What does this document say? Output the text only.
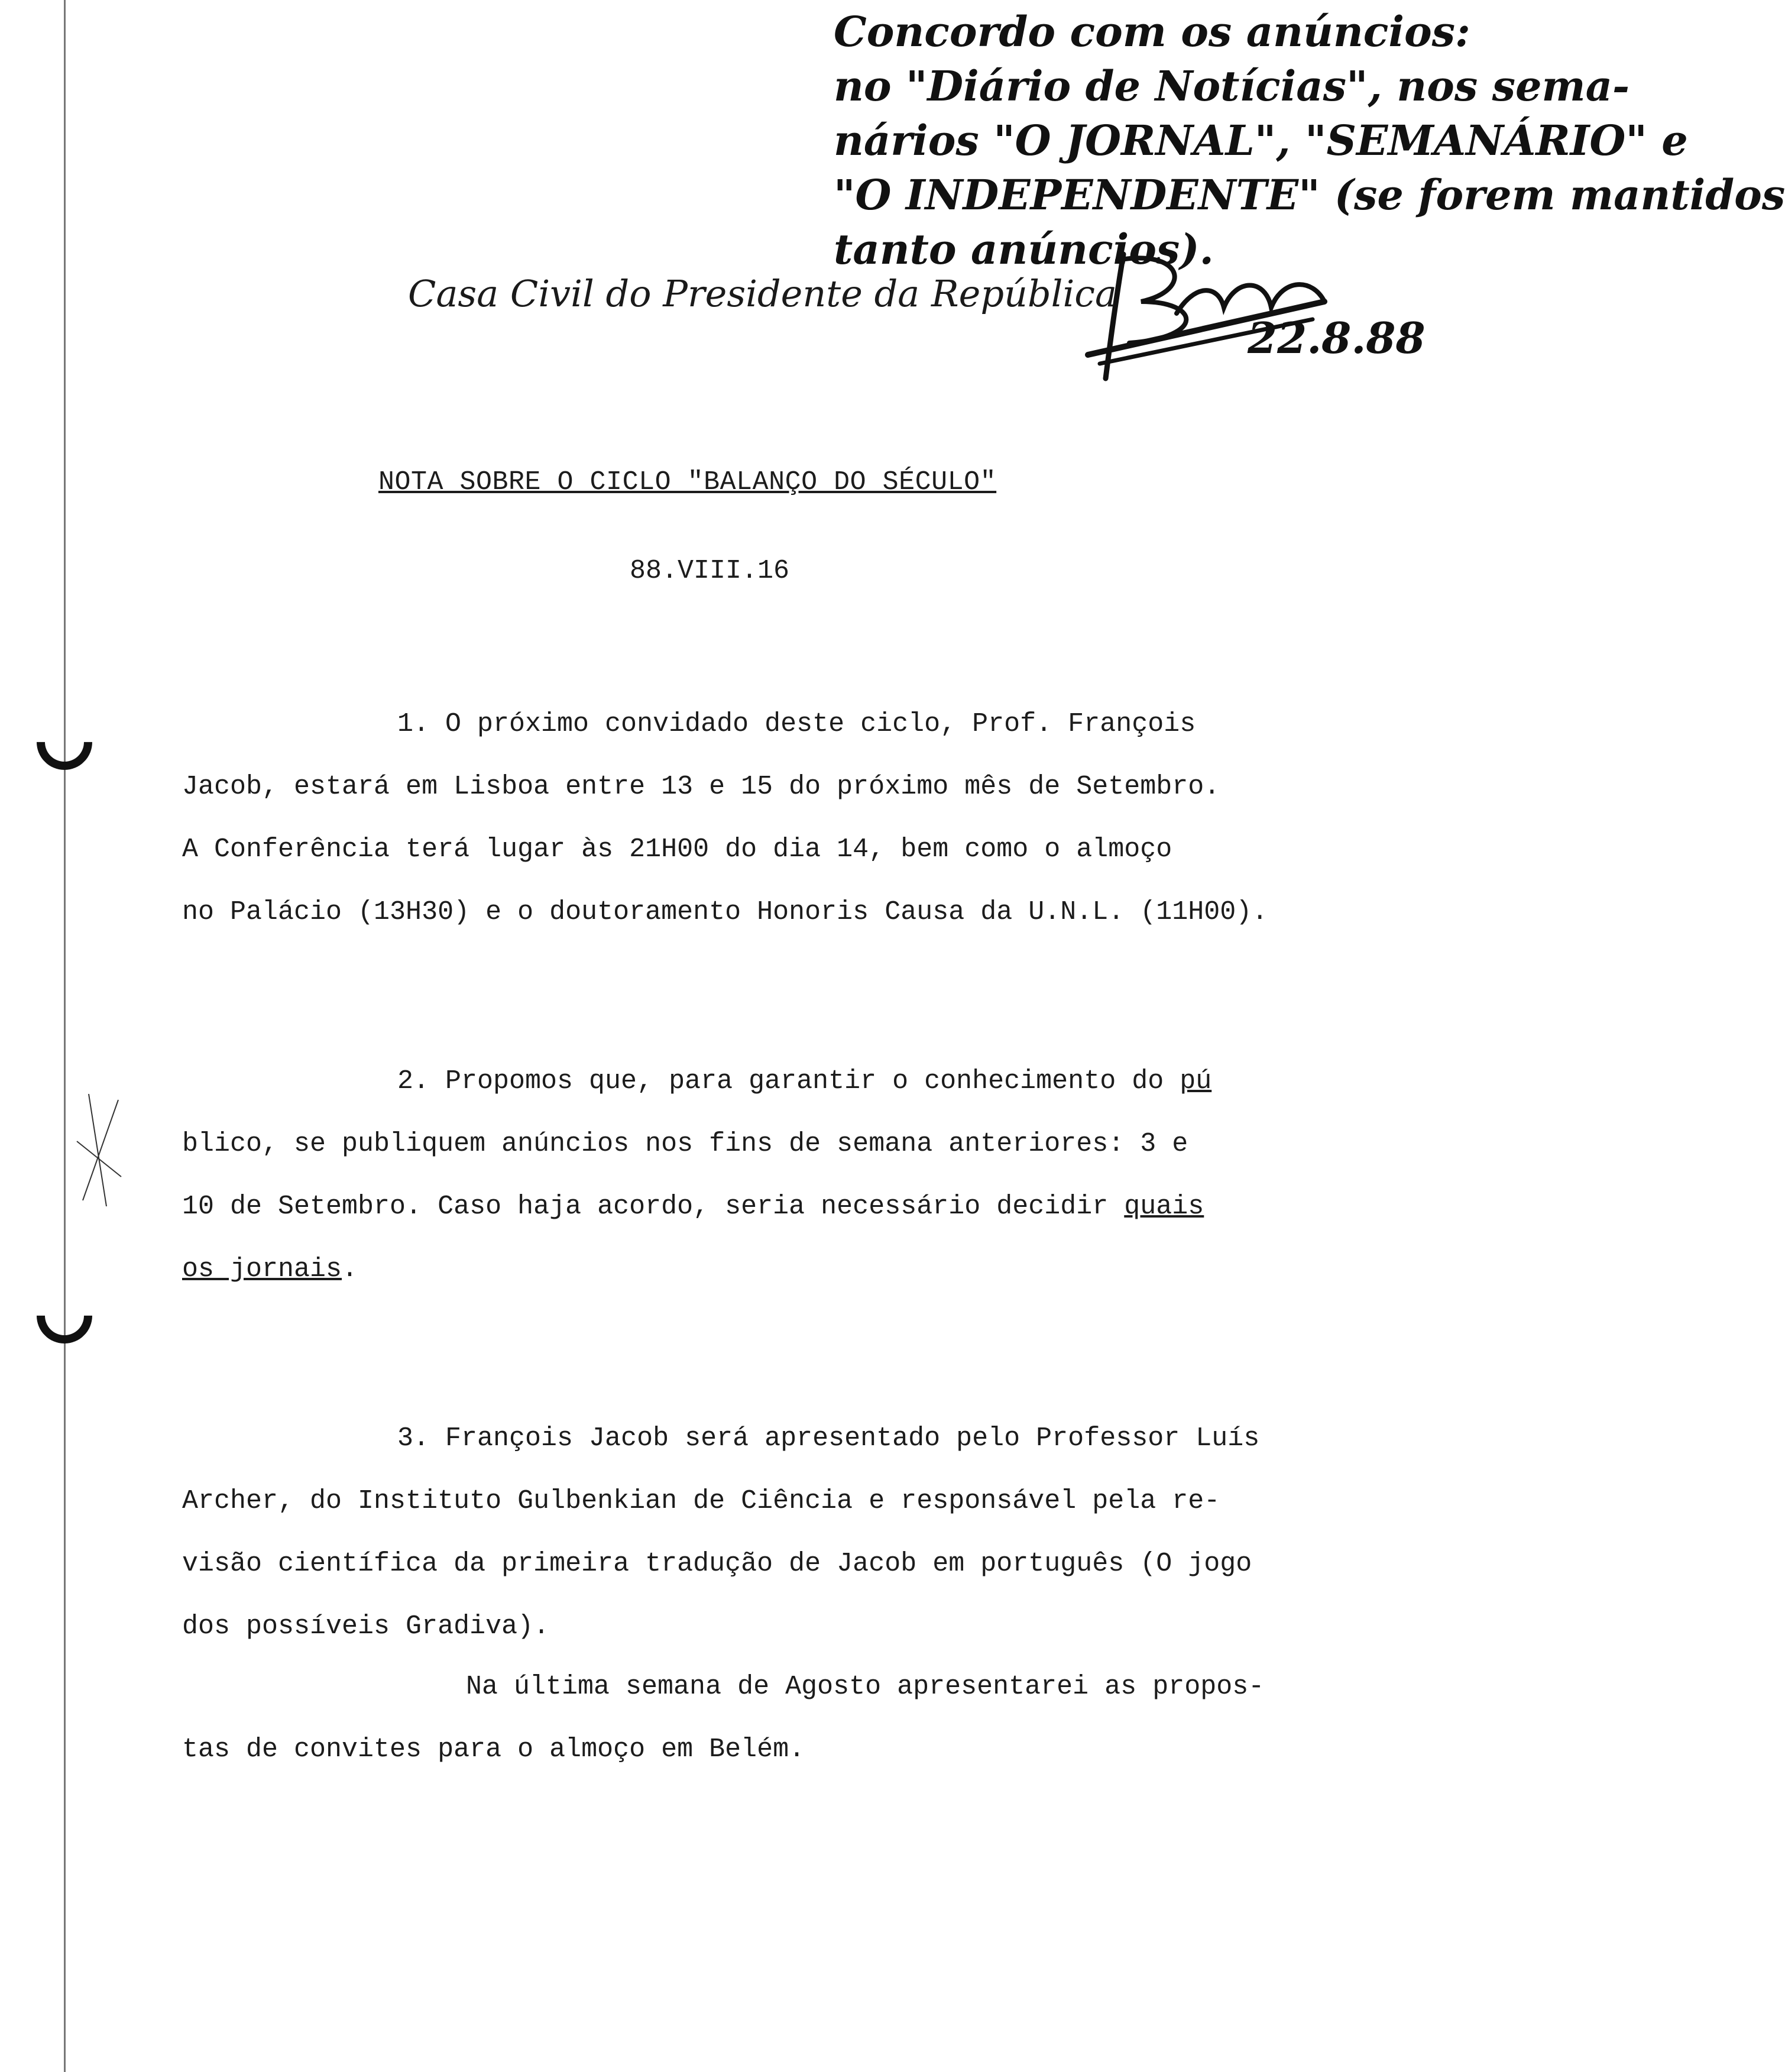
Concordo com os anúncios:
no "Diário de Notícias", nos sema-
nários "O JORNAL", "SEMANÁRIO" e
"O INDEPENDENTE" (se forem mantidos
tanto anúncios).
22.8.88
Casa Civil do Presidente da República
NOTA SOBRE O CICLO "BALANÇO DO SÉCULO"
88.VIII.16
1. O próximo convidado deste ciclo, Prof. François
Jacob, estará em Lisboa entre 13 e 15 do próximo mês de Setembro.
A Conferência terá lugar às 21H00 do dia 14, bem como o almoço
no Palácio (13H30) e o doutoramento Honoris Causa da U.N.L. (11H00).
2. Propomos que, para garantir o conhecimento do pú
blico, se publiquem anúncios nos fins de semana anteriores: 3 e
10 de Setembro. Caso haja acordo, seria necessário decidir quais
os jornais.
3. François Jacob será apresentado pelo Professor Luís
Archer, do Instituto Gulbenkian de Ciência e responsável pela re-
visão científica da primeira tradução de Jacob em português (O jogo
dos possíveis Gradiva).
Na última semana de Agosto apresentarei as propos-
tas de convites para o almoço em Belém.
